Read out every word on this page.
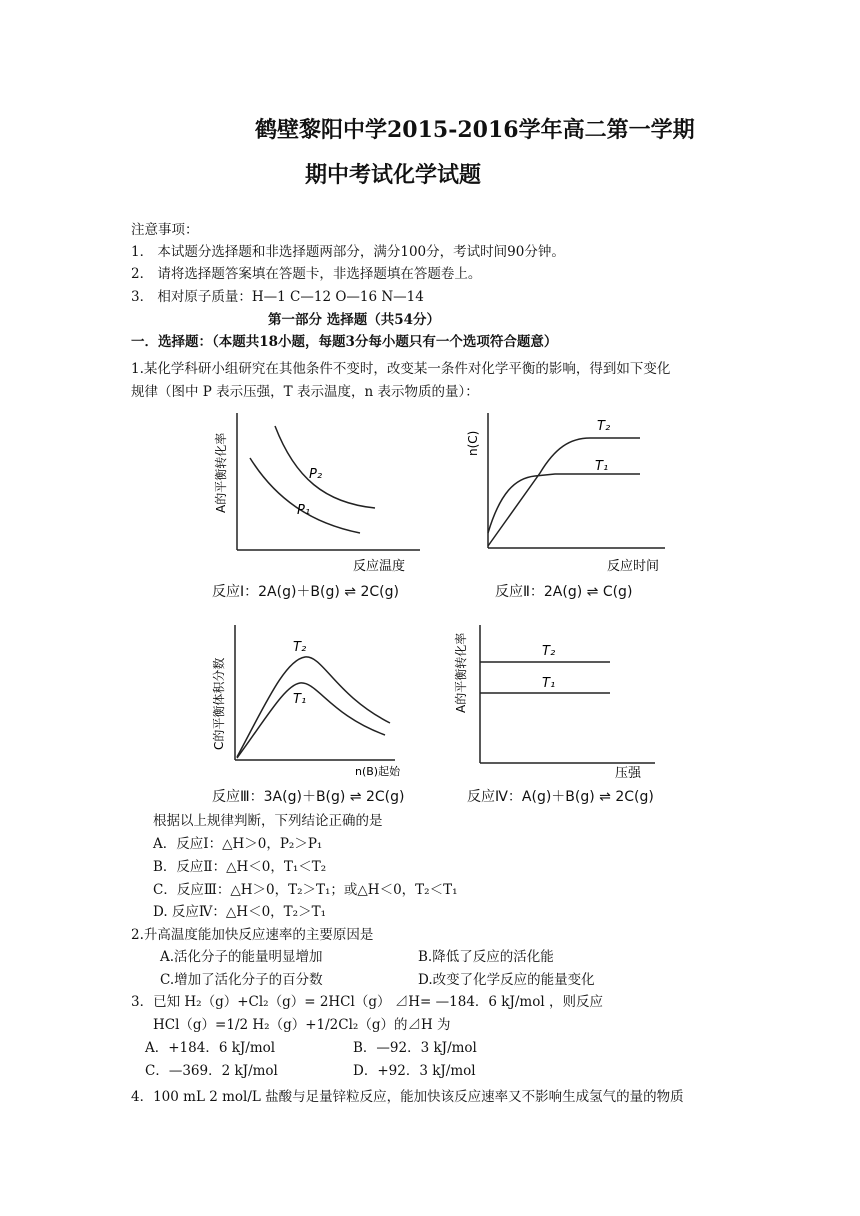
鹤壁黎阳中学2015-2016学年高二第一学期
期中考试化学试题
注意事项：
1． 本试题分选择题和非选择题两部分，满分100分，考试时间90分钟。
2． 请将选择题答案填在答题卡，非选择题填在答题卷上。
3． 相对原子质量：H—1 C—12 O—16 N—14
第一部分 选择题（共54分）
一．选择题：（本题共18小题，每题3分每小题只有一个选项符合题意）
1.某化学科研小组研究在其他条件不变时，改变某一条件对化学平衡的影响，得到如下变化
规律（图中 P 表示压强，T 表示温度，n 表示物质的量）：
P₂
P₁
A的平衡转化率
反应温度
反应Ⅰ：2A(g)＋B(g) ⇌ 2C(g)
T₂
T₁
n(C)
反应时间
反应Ⅱ：2A(g) ⇌ C(g)
T₂
T₁
C的平衡体积分数
n(B)起始
反应Ⅲ：3A(g)＋B(g) ⇌ 2C(g)
T₂
T₁
A的平衡转化率
压强
反应Ⅳ：A(g)＋B(g) ⇌ 2C(g)
根据以上规律判断，下列结论正确的是
A．反应Ⅰ：△H＞0，P₂＞P₁
B．反应Ⅱ：△H＜0，T₁＜T₂
C．反应Ⅲ：△H＞0，T₂＞T₁；或△H＜0，T₂＜T₁
D. 反应Ⅳ：△H＜0，T₂＞T₁
2.升高温度能加快反应速率的主要原因是
A.活化分子的能量明显增加	B.降低了反应的活化能
C.增加了活化分子的百分数	D.改变了化学反应的能量变化
3．已知 H₂（g）+Cl₂（g）= 2HCl（g） ⊿H= —184．6 kJ/mol ，则反应
HCl（g）=1/2 H₂（g）+1/2Cl₂（g）的⊿H 为
A．+184．6 kJ/mol	B．—92．3 kJ/mol
C．—369．2 kJ/mol	D．+92．3 kJ/mol
4．100 mL 2 mol/L 盐酸与足量锌粒反应，能加快该反应速率又不影响生成氢气的量的物质
